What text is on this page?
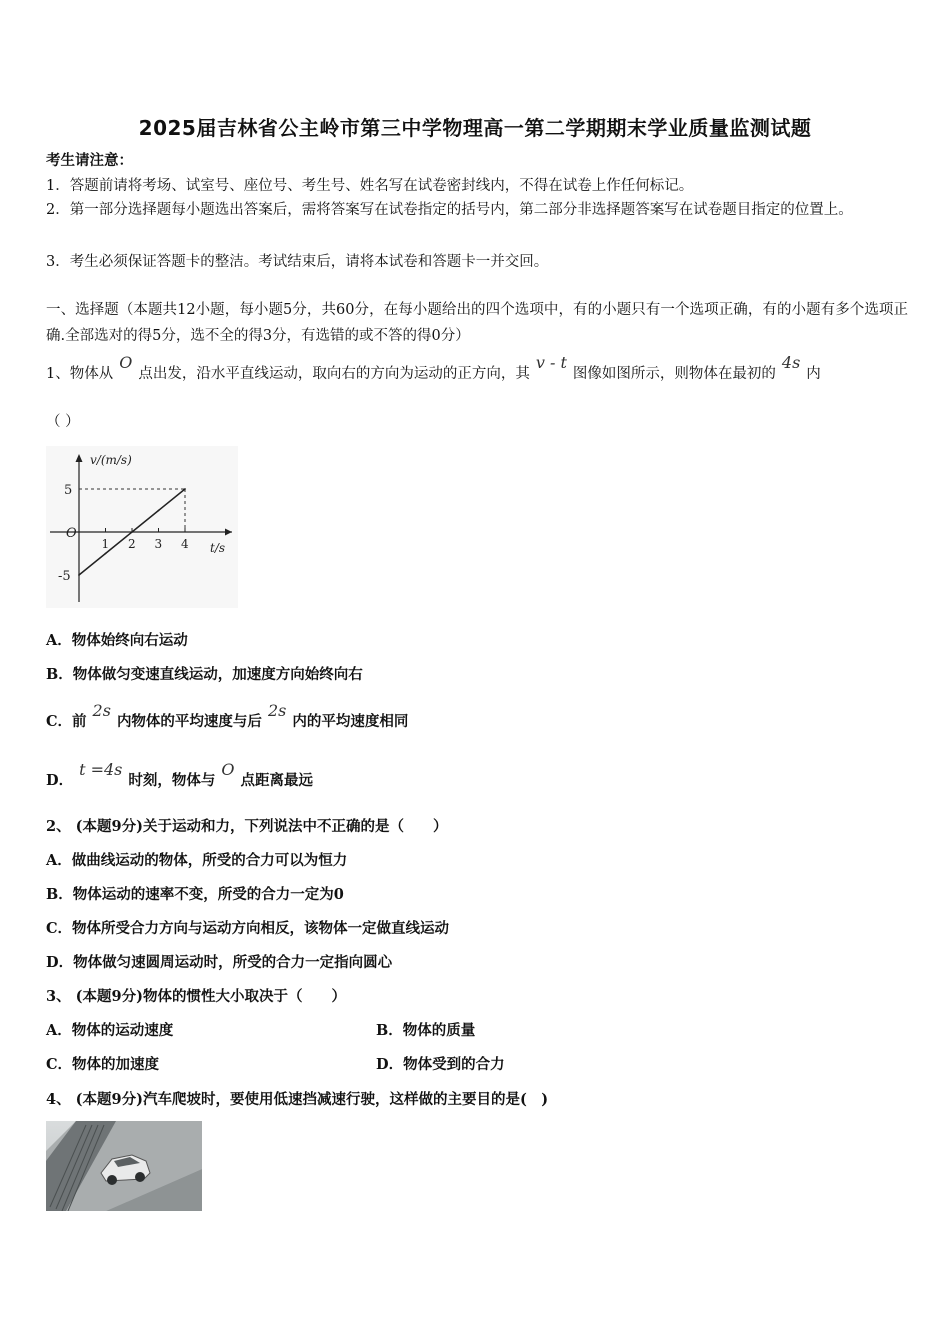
2025届吉林省公主岭市第三中学物理高一第二学期期末学业质量监测试题
考生请注意：
1．答题前请将考场、试室号、座位号、考生号、姓名写在试卷密封线内，不得在试卷上作任何标记。
2．第一部分选择题每小题选出答案后，需将答案写在试卷指定的括号内，第二部分非选择题答案写在试卷题目指定的位置上。
3．考生必须保证答题卡的整洁。考试结束后，请将本试卷和答题卡一并交回。
一、选择题（本题共12小题，每小题5分，共60分，在每小题给出的四个选项中，有的小题只有一个选项正确，有的小题有多个选项正确.全部选对的得5分，选不全的得3分，有选错的或不答的得0分）
1、物体从O点出发，沿水平直线运动，取向右的方向为运动的正方向，其v - t图像如图所示，则物体在最初的4s内
（ ）
v/(m/s)
t/s
O
1 2 3 4
5
-5
A．物体始终向右运动
B．物体做匀变速直线运动，加速度方向始终向右
C．前2s内物体的平均速度与后2s内的平均速度相同
D．t =4s时刻，物体与O点距离最远
2、 (本题9分)关于运动和力，下列说法中不正确的是（　　）
A．做曲线运动的物体，所受的合力可以为恒力
B．物体运动的速率不变，所受的合力一定为0
C．物体所受合力方向与运动方向相反，该物体一定做直线运动
D．物体做匀速圆周运动时，所受的合力一定指向圆心
3、 (本题9分)物体的惯性大小取决于（　　）
A．物体的运动速度	B．物体的质量
C．物体的加速度	D．物体受到的合力
4、 (本题9分)汽车爬坡时，要使用低速挡减速行驶，这样做的主要目的是(　)
